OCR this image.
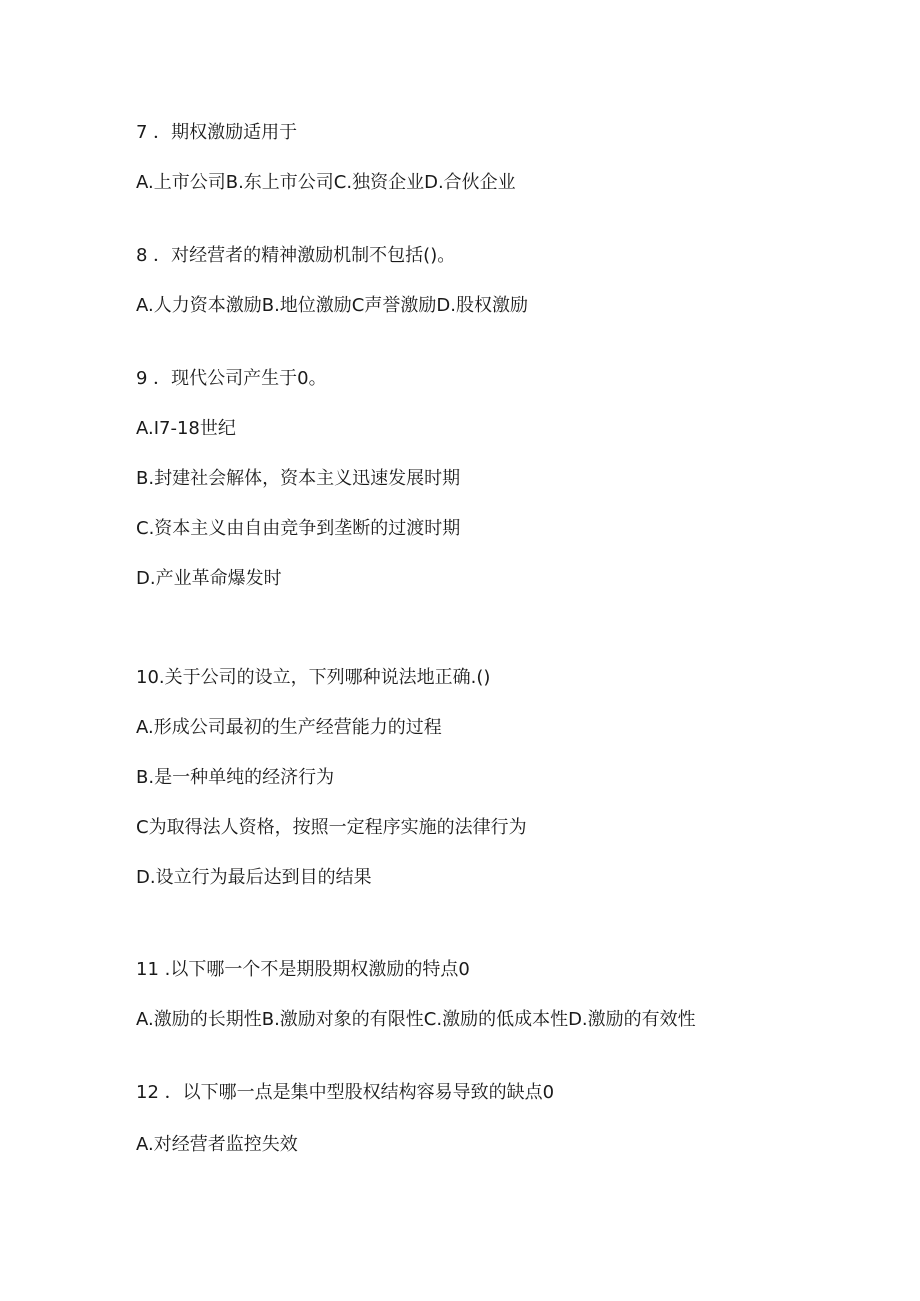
7 ．期权激励适用于
A.上市公司B.东上市公司C.独资企业D.合伙企业
8 ．对经营者的精神激励机制不包括()。
A.人力资本激励B.地位激励C声誉激励D.股权激励
9 ．现代公司产生于0。
A.I7-18世纪
B.封建社会解体，资本主义迅速发展时期
C.资本主义由自由竞争到垄断的过渡时期
D.产业革命爆发时
10.关于公司的设立，下列哪种说法地正确.()
A.形成公司最初的生产经营能力的过程
B.是一种单纯的经济行为
C为取得法人资格，按照一定程序实施的法律行为
D.设立行为最后达到目的结果
11 .以下哪一个不是期股期权激励的特点0
A.激励的长期性B.激励对象的有限性C.激励的低成本性D.激励的有效性
12 ．以下哪一点是集中型股权结构容易导致的缺点0
A.对经营者监控失效
